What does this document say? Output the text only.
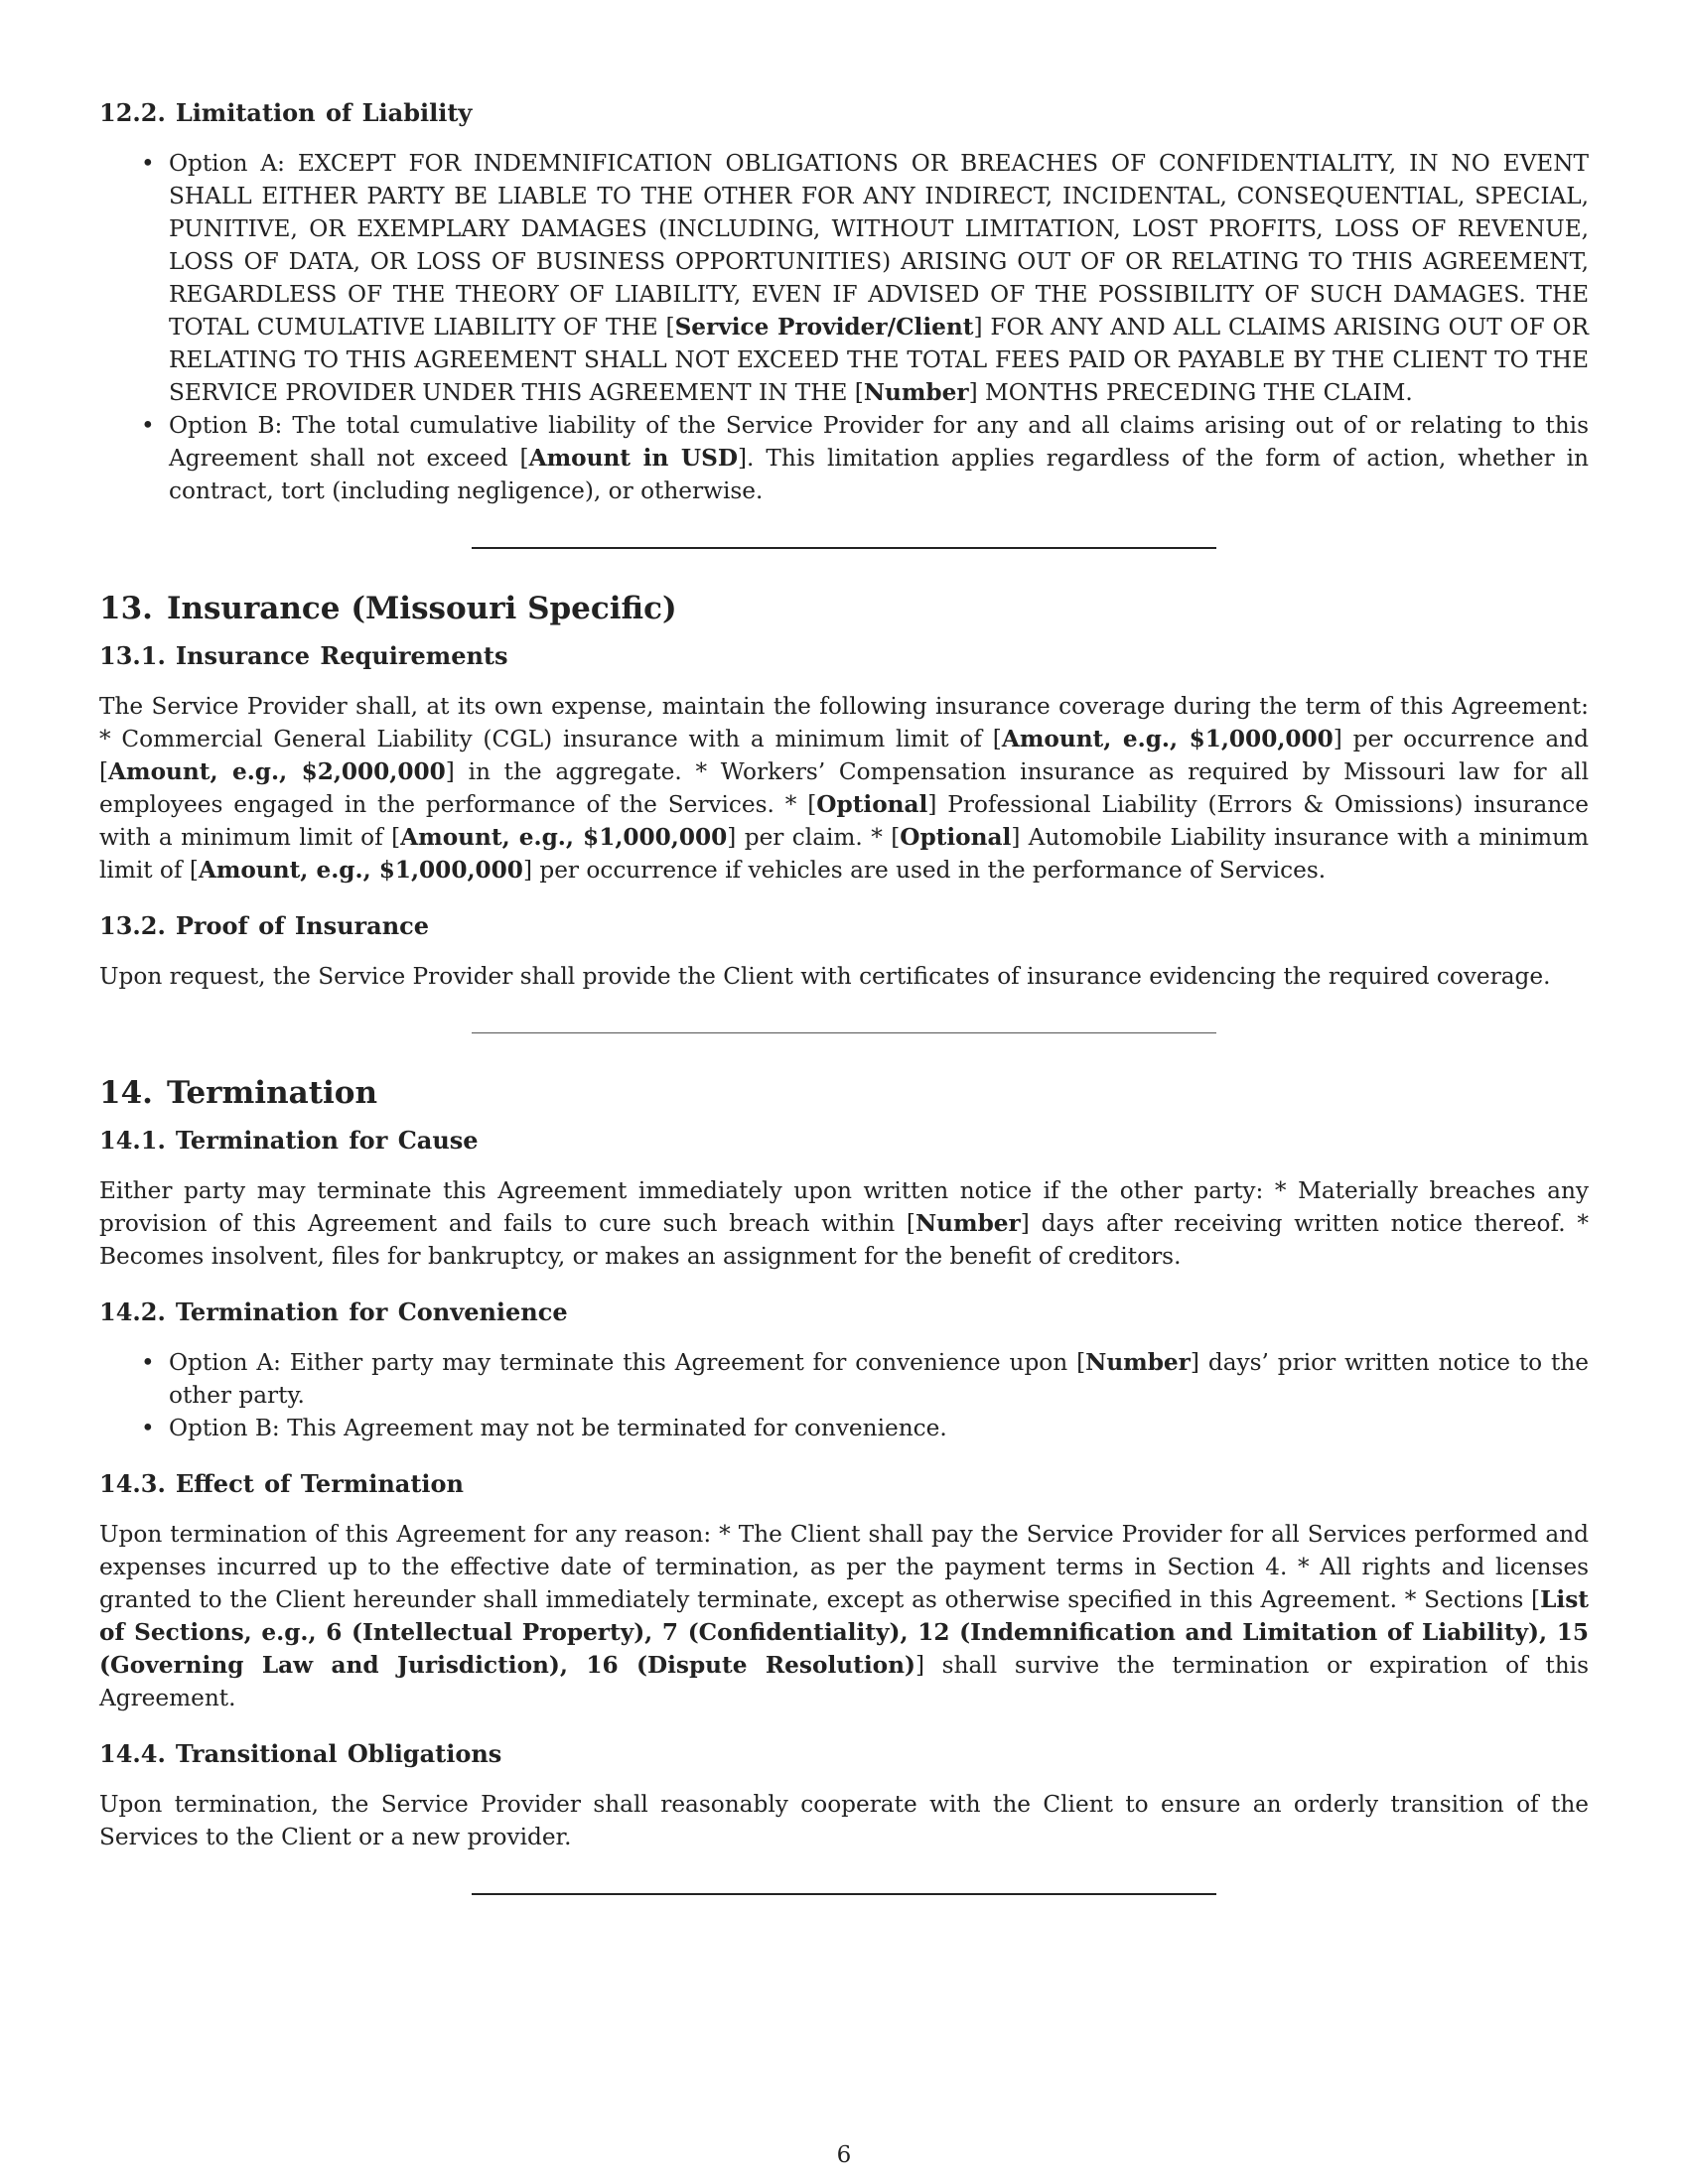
12.2. Limitation of Liability
• Option A: EXCEPT FOR INDEMNIFICATION OBLIGATIONS OR BREACHES OF CONFIDENTIALITY, IN NO EVENT SHALL EITHER PARTY BE LIABLE TO THE OTHER FOR ANY INDIRECT, INCIDENTAL, CONSEQUENTIAL, SPECIAL, PUNITIVE, OR EXEMPLARY DAMAGES (INCLUDING, WITHOUT LIMITATION, LOST PROFITS, LOSS OF REVENUE, LOSS OF DATA, OR LOSS OF BUSINESS OPPORTUNITIES) ARISING OUT OF OR RELATING TO THIS AGREEMENT, REGARDLESS OF THE THEORY OF LIABILITY, EVEN IF ADVISED OF THE POSSIBILITY OF SUCH DAMAGES. THE TOTAL CUMULATIVE LIABILITY OF THE [Service Provider/Client] FOR ANY AND ALL CLAIMS ARISING OUT OF OR RELATING TO THIS AGREEMENT SHALL NOT EXCEED THE TOTAL FEES PAID OR PAYABLE BY THE CLIENT TO THE SERVICE PROVIDER UNDER THIS AGREEMENT IN THE [Number] MONTHS PRECEDING THE CLAIM.
• Option B: The total cumulative liability of the Service Provider for any and all claims arising out of or relating to this Agreement shall not exceed [Amount in USD]. This limitation applies regardless of the form of action, whether in contract, tort (including negligence), or otherwise.
13. Insurance (Missouri Specific)
13.1. Insurance Requirements

The Service Provider shall, at its own expense, maintain the following insurance coverage during the term of this Agreement: * Commercial General Liability (CGL) insurance with a minimum limit of [Amount, e.g., $1,000,000] per occurrence and [Amount, e.g., $2,000,000] in the aggregate. * Workers’ Compensation insurance as required by Missouri law for all employees engaged in the performance of the Services. * [Optional] Professional Liability (Errors & Omissions) insurance with a minimum limit of [Amount, e.g., $1,000,000] per claim. * [Optional] Automobile Liability insurance with a minimum limit of [Amount, e.g., $1,000,000] per occurrence if vehicles are used in the performance of Services.

13.2. Proof of Insurance

Upon request, the Service Provider shall provide the Client with certificates of insurance evidencing the required coverage.

14. Termination
14.1. Termination for Cause

Either party may terminate this Agreement immediately upon written notice if the other party: * Materially breaches any provision of this Agreement and fails to cure such breach within [Number] days after receiving written notice thereof. * Becomes insolvent, files for bankruptcy, or makes an assignment for the benefit of creditors.

14.2. Termination for Convenience
• Option A: Either party may terminate this Agreement for convenience upon [Number] days’ prior written notice to the other party.
• Option B: This Agreement may not be terminated for convenience.
14.3. Effect of Termination

Upon termination of this Agreement for any reason: * The Client shall pay the Service Provider for all Services performed and expenses incurred up to the effective date of termination, as per the payment terms in Section 4. * All rights and licenses granted to the Client hereunder shall immediately terminate, except as otherwise specified in this Agreement. * Sections [List of Sections, e.g., 6 (Intellectual Property), 7 (Confidentiality), 12 (Indemnification and Limitation of Liability), 15 (Governing Law and Jurisdiction), 16 (Dispute Resolution)] shall survive the termination or expiration of this Agreement.

14.4. Transitional Obligations

Upon termination, the Service Provider shall reasonably cooperate with the Client to ensure an orderly transition of the Services to the Client or a new provider.

6
